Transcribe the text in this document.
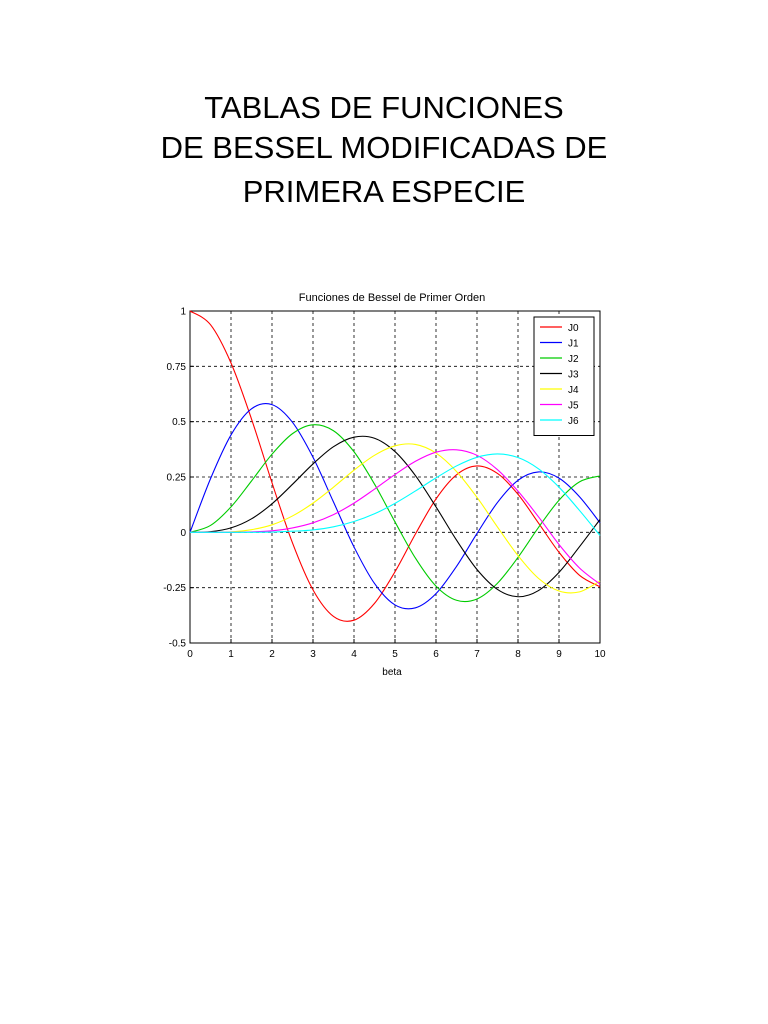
TABLAS DE FUNCIONES
DE BESSEL MODIFICADAS DE
PRIMERA ESPECIE
Funciones de Bessel de Primer Orden
0	1	2	3	4	5	6	7	8	9	10
-0.5
-0.25
0
0.25
0.5
0.75
1
beta
J0
J1
J2
J3
J4
J5
J6
